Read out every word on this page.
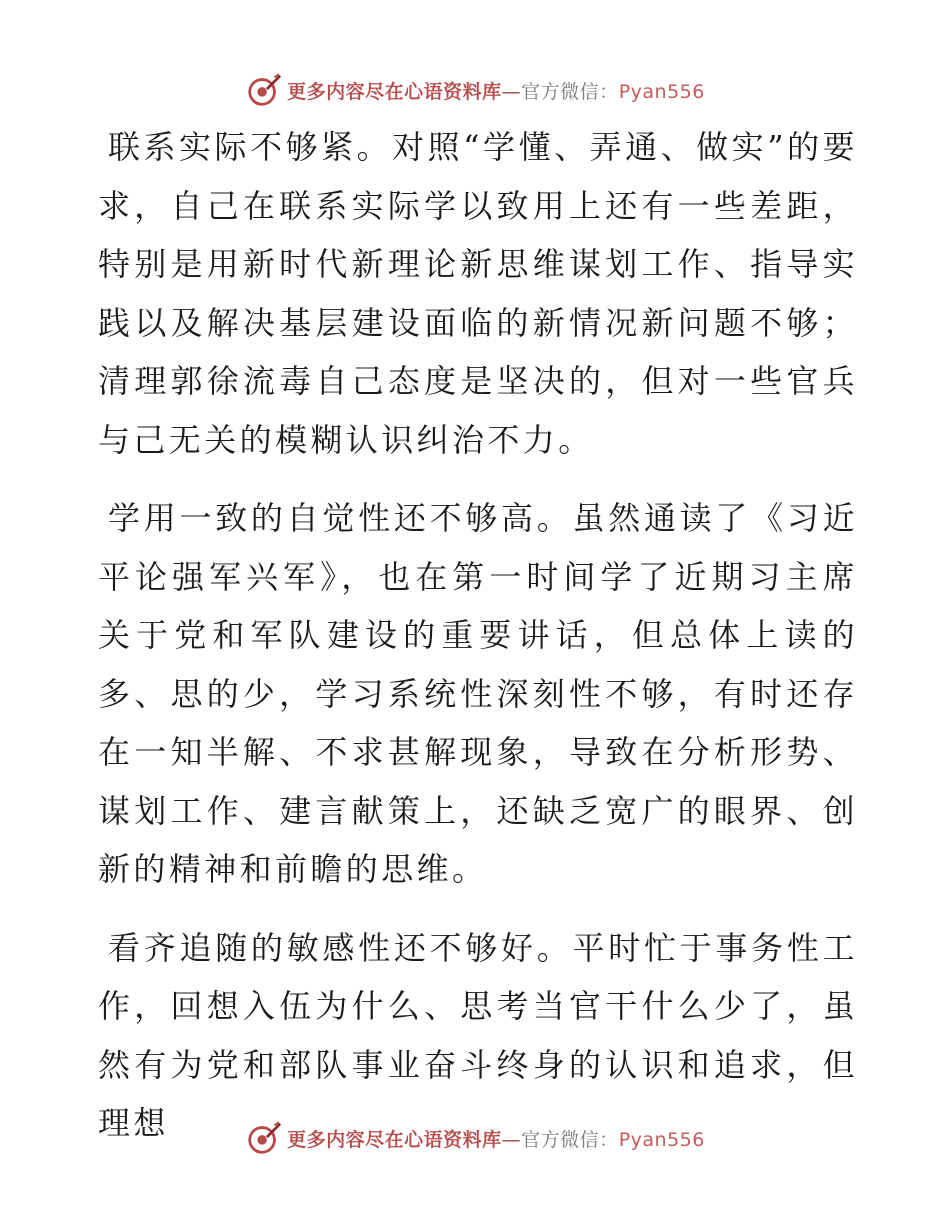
更多内容尽在心语资料库—官方微信：Pyan556

联系实际不够紧。对照“学懂、弄通、做实”的要求，自己在联系实际学以致用上还有一些差距，特别是用新时代新理论新思维谋划工作、指导实践以及解决基层建设面临的新情况新问题不够；清理郭徐流毒自己态度是坚决的，但对一些官兵与己无关的模糊认识纠治不力。

学用一致的自觉性还不够高。虽然通读了《习近平论强军兴军》，也在第一时间学了近期习主席关于党和军队建设的重要讲话，但总体上读的多、思的少，学习系统性深刻性不够，有时还存在一知半解、不求甚解现象，导致在分析形势、谋划工作、建言献策上，还缺乏宽广的眼界、创新的精神和前瞻的思维。

看齐追随的敏感性还不够好。平时忙于事务性工作，回想入伍为什么、思考当官干什么少了，虽然有为党和部队事业奋斗终身的认识和追求，但理想	更多内容尽在心语资料库—官方微信：Pyan556
